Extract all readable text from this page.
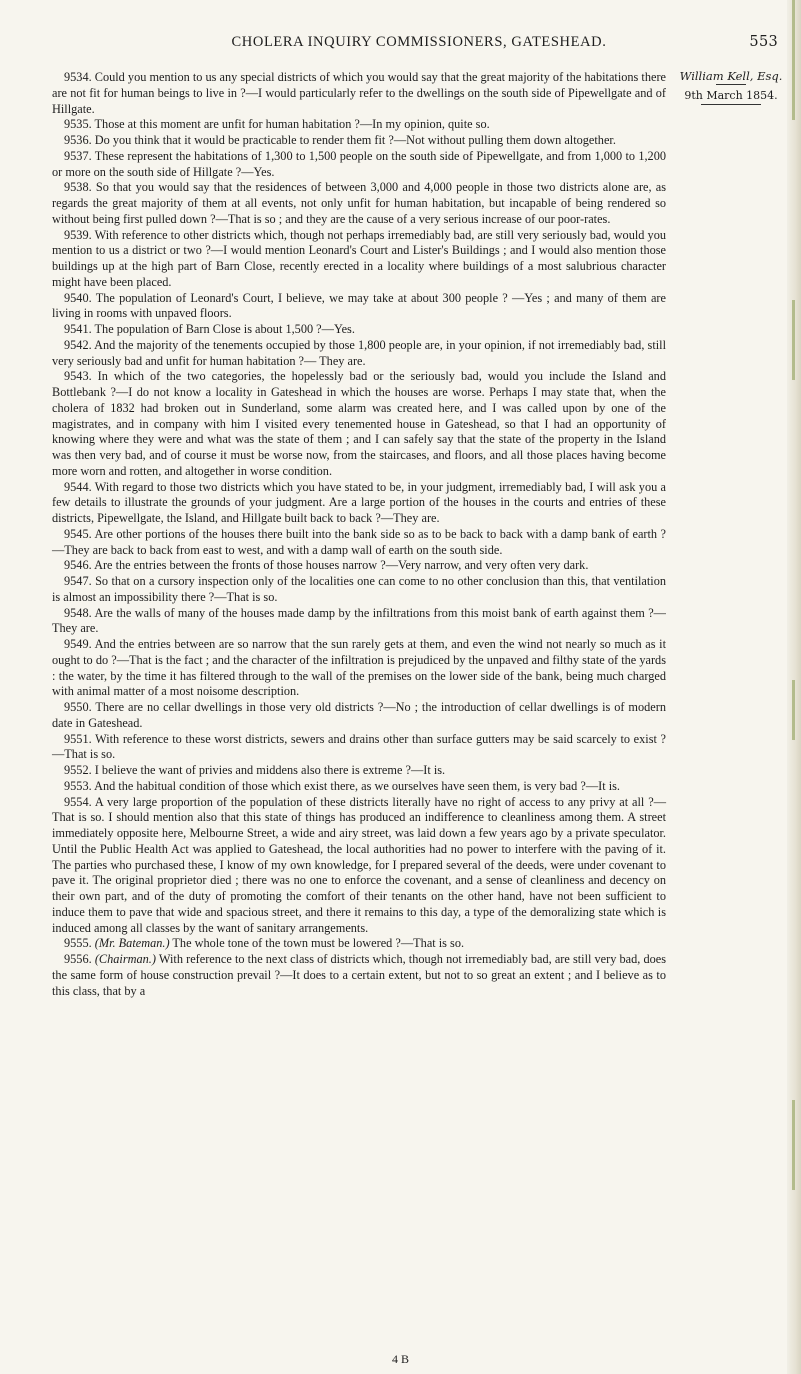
CHOLERA INQUIRY COMMISSIONERS, GATESHEAD.	553
William Kell, Esq.
9th March 1854.

9534. Could you mention to us any special districts of which you would say that the great majority of the habitations there are not fit for human beings to live in ?—I would particularly refer to the dwellings on the south side of Pipewellgate and of Hillgate.

9535. Those at this moment are unfit for human habitation ?—In my opinion, quite so.

9536. Do you think that it would be practicable to render them fit ?—Not without pulling them down altogether.

9537. These represent the habitations of 1,300 to 1,500 people on the south side of Pipewellgate, and from 1,000 to 1,200 or more on the south side of Hillgate ?—Yes.

9538. So that you would say that the residences of between 3,000 and 4,000 people in those two districts alone are, as regards the great majority of them at all events, not only unfit for human habitation, but incapable of being rendered so without being first pulled down ?—That is so ; and they are the cause of a very serious increase of our poor-rates.

9539. With reference to other districts which, though not perhaps irremediably bad, are still very seriously bad, would you mention to us a district or two ?—I would mention Leonard's Court and Lister's Buildings ; and I would also mention those buildings up at the high part of Barn Close, recently erected in a locality where buildings of a most salubrious character might have been placed.

9540. The population of Leonard's Court, I believe, we may take at about 300 people ? —Yes ; and many of them are living in rooms with unpaved floors.

9541. The population of Barn Close is about 1,500 ?—Yes.

9542. And the majority of the tenements occupied by those 1,800 people are, in your opinion, if not irremediably bad, still very seriously bad and unfit for human habitation ?— They are.

9543. In which of the two categories, the hopelessly bad or the seriously bad, would you include the Island and Bottlebank ?—I do not know a locality in Gateshead in which the houses are worse. Perhaps I may state that, when the cholera of 1832 had broken out in Sunderland, some alarm was created here, and I was called upon by one of the magistrates, and in company with him I visited every tenemented house in Gateshead, so that I had an opportunity of knowing where they were and what was the state of them ; and I can safely say that the state of the property in the Island was then very bad, and of course it must be worse now, from the staircases, and floors, and all those places having become more worn and rotten, and altogether in worse condition.

9544. With regard to those two districts which you have stated to be, in your judgment, irremediably bad, I will ask you a few details to illustrate the grounds of your judgment. Are a large portion of the houses in the courts and entries of these districts, Pipewellgate, the Island, and Hillgate built back to back ?—They are.

9545. Are other portions of the houses there built into the bank side so as to be back to back with a damp bank of earth ?—They are back to back from east to west, and with a damp wall of earth on the south side.

9546. Are the entries between the fronts of those houses narrow ?—Very narrow, and very often very dark.

9547. So that on a cursory inspection only of the localities one can come to no other conclusion than this, that ventilation is almost an impossibility there ?—That is so.

9548. Are the walls of many of the houses made damp by the infiltrations from this moist bank of earth against them ?—They are.

9549. And the entries between are so narrow that the sun rarely gets at them, and even the wind not nearly so much as it ought to do ?—That is the fact ; and the character of the infiltration is prejudiced by the unpaved and filthy state of the yards : the water, by the time it has filtered through to the wall of the premises on the lower side of the bank, being much charged with animal matter of a most noisome description.

9550. There are no cellar dwellings in those very old districts ?—No ; the introduction of cellar dwellings is of modern date in Gateshead.

9551. With reference to these worst districts, sewers and drains other than surface gutters may be said scarcely to exist ?—That is so.

9552. I believe the want of privies and middens also there is extreme ?—It is.

9553. And the habitual condition of those which exist there, as we ourselves have seen them, is very bad ?—It is.

9554. A very large proportion of the population of these districts literally have no right of access to any privy at all ?—That is so. I should mention also that this state of things has produced an indifference to cleanliness among them. A street immediately opposite here, Melbourne Street, a wide and airy street, was laid down a few years ago by a private speculator. Until the Public Health Act was applied to Gateshead, the local authorities had no power to interfere with the paving of it. The parties who purchased these, I know of my own knowledge, for I prepared several of the deeds, were under covenant to pave it. The original proprietor died ; there was no one to enforce the covenant, and a sense of cleanliness and decency on their own part, and of the duty of promoting the comfort of their tenants on the other hand, have not been sufficient to induce them to pave that wide and spacious street, and there it remains to this day, a type of the demoralizing state which is induced among all classes by the want of sanitary arrangements.

9555. (Mr. Bateman.) The whole tone of the town must be lowered ?—That is so.

9556. (Chairman.) With reference to the next class of districts which, though not irremediably bad, are still very bad, does the same form of house construction prevail ?—It does to a certain extent, but not to so great an extent ; and I believe as to this class, that by a

4 B
